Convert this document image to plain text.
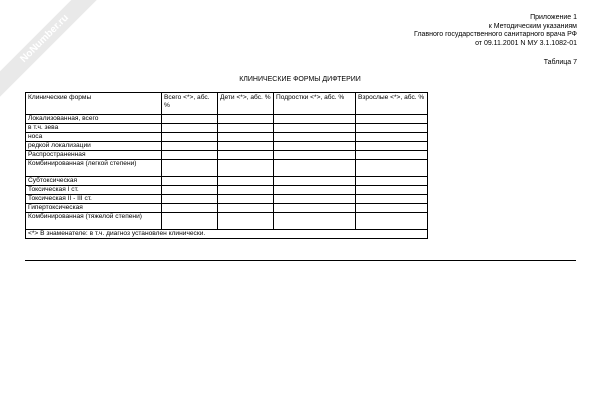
NoNumber.ru	Приложение 1
к Методическим указаниям
Главного государственного санитарного врача РФ
от 09.11.2001 N МУ 3.1.1082-01
Таблица 7
КЛИНИЧЕСКИЕ ФОРМЫ ДИФТЕРИИ
Клинические формы	Всего <*>, абс. %	Дети <*>, абс. %	Подростки <*>, абс. %	Взрослые <*>, абс. %
Локализованная, всего				
в т.ч. зева				
носа				
редкой локализации				
Распространенная				
Комбинированная (легкой степени)				
Субтоксическая				
Токсическая I ст.				
Токсическая II - III ст.				
Гипертоксическая				
Комбинированная (тяжелой степени)				
<*> В знаменателе: в т.ч. диагноз установлен клинически.				
